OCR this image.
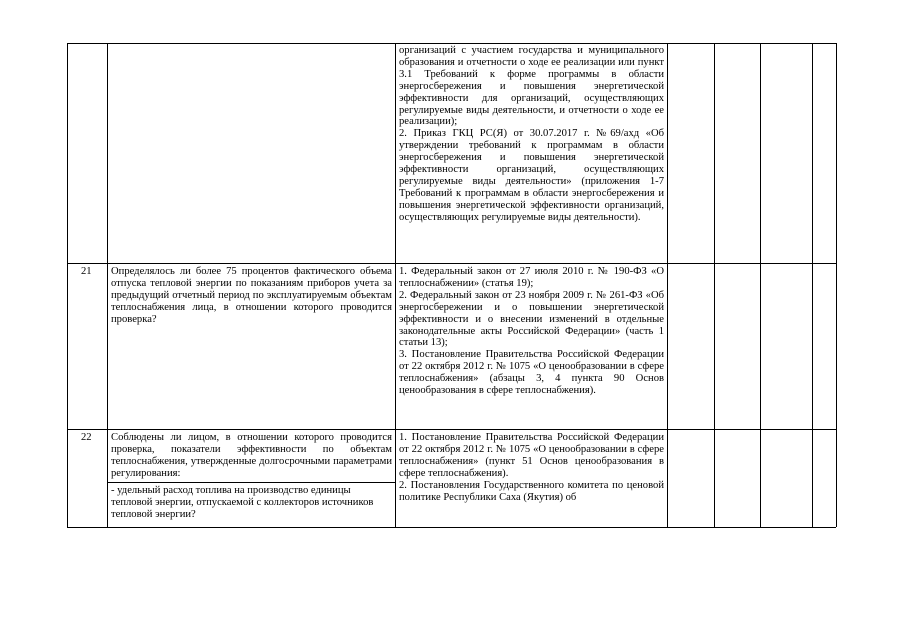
организаций с участием государства и муниципального образования и отчетности о ходе ее реализации или пункт 3.1 Требований к форме программы в области энергосбережения и повышения энергетической эффективности для организаций, осуществляющих регулируемые виды деятельности, и отчетности о ходе ее реализации);

2. Приказ ГКЦ РС(Я) от 30.07.2017 г. №69/ахд «Об утверждении требований к программам в области энергосбережения и повышения энергетической эффективности организаций, осуществляющих регулируемые виды деятельности» (приложения 1-7 Требований к программам в области энергосбережения и повышения энергетической эффективности организаций, осуществляющих регулируемые виды деятельности).

21	Определялось ли более 75 процентов фактического объема отпуска тепловой энергии по показаниям приборов учета за предыдущий отчетный период по эксплуатируемым объектам теплоснабжения лица, в отношении которого проводится проверка?

1. Федеральный закон от 27 июля 2010 г. № 190-ФЗ «О теплоснабжении» (статья 19);

2. Федеральный закон от 23 ноября 2009 г. № 261-ФЗ «Об энергосбережении и о повышении энергетической эффективности и о внесении изменений в отдельные законодательные акты Российской Федерации» (часть 1 статьи 13);

3. Постановление Правительства Российской Федерации от 22 октября 2012 г. № 1075 «О ценообразовании в сфере теплоснабжения» (абзацы 3, 4 пункта 90 Основ ценообразования в сфере теплоснабжения).

22	Соблюдены ли лицом, в отношении которого проводится проверка, показатели эффективности по объектам теплоснабжения, утвержденные долгосрочными параметрами регулирования:
- удельный расход топлива на производство единицы тепловой энергии, отпускаемой с коллекторов источников тепловой энергии?

1. Постановление Правительства Российской Федерации от 22 октября 2012 г. № 1075 «О ценообразовании в сфере теплоснабжения» (пункт 51 Основ ценообразования в сфере теплоснабжения).

2. Постановления Государственного комитета по ценовой политике Республики Саха (Якутия) об
